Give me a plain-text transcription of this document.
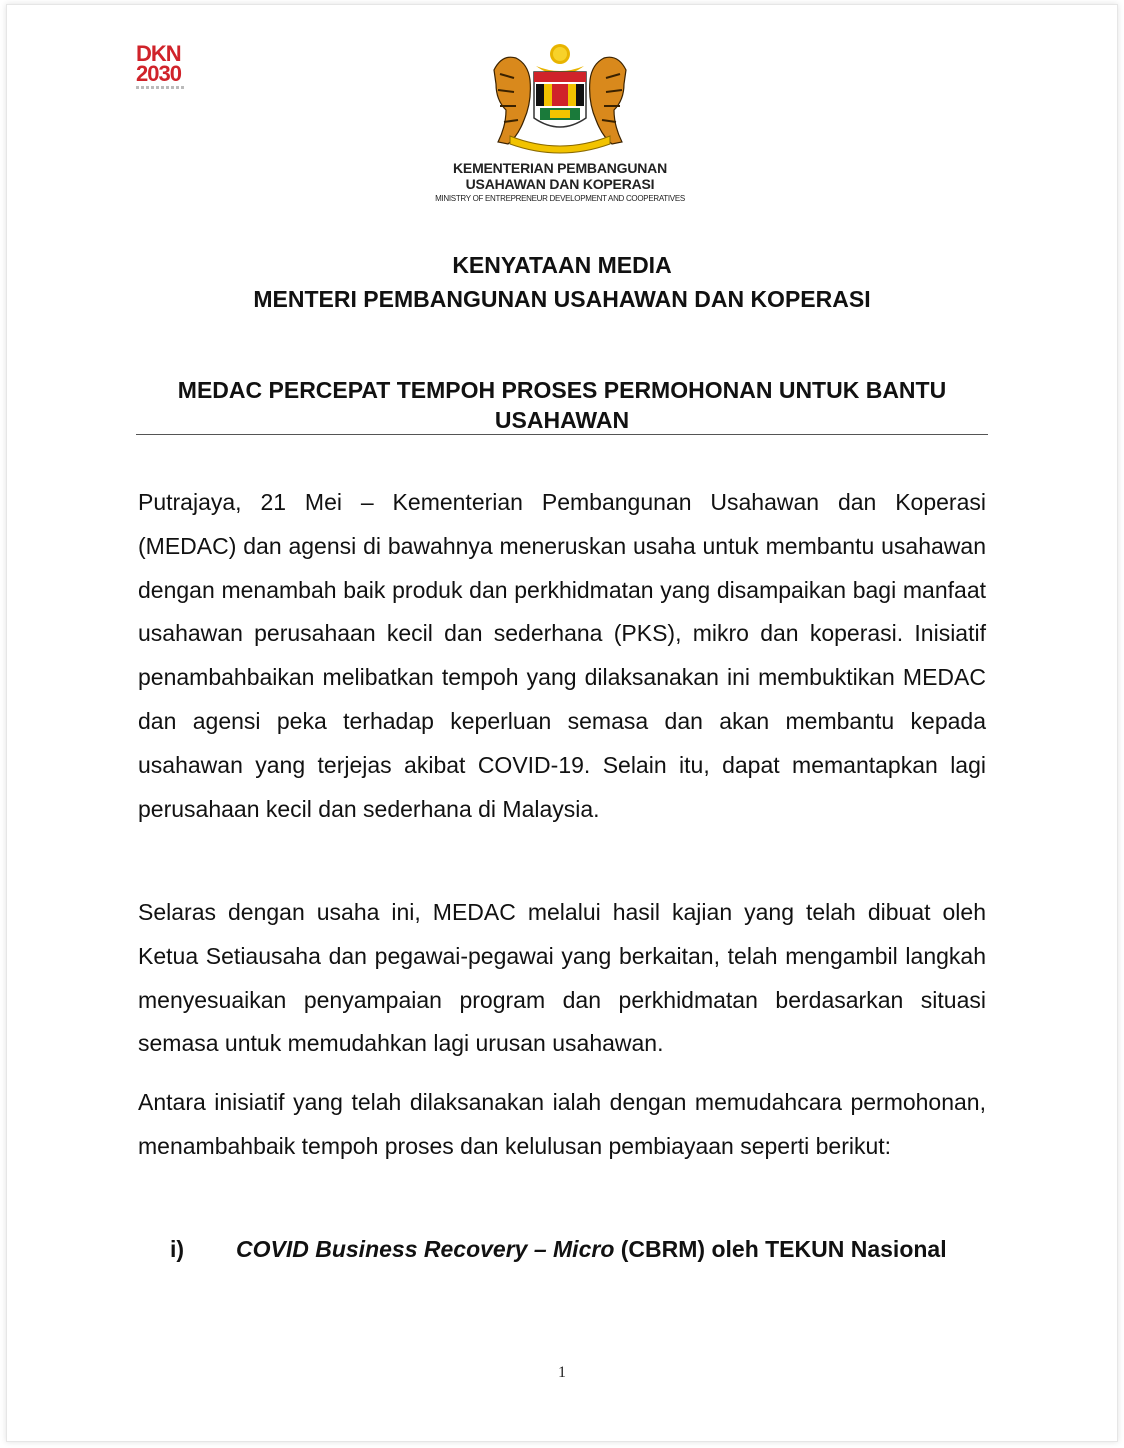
DKN
2030
KEMENTERIAN PEMBANGUNAN
USAHAWAN DAN KOPERASI
MINISTRY OF ENTREPRENEUR DEVELOPMENT AND COOPERATIVES
KENYATAAN MEDIA
MENTERI PEMBANGUNAN USAHAWAN DAN KOPERASI
MEDAC PERCEPAT TEMPOH PROSES PERMOHONAN UNTUK BANTU USAHAWAN

Putrajaya, 21 Mei – Kementerian Pembangunan Usahawan dan Koperasi (MEDAC) dan agensi di bawahnya meneruskan usaha untuk membantu usahawan dengan menambah baik produk dan perkhidmatan yang disampaikan bagi manfaat usahawan perusahaan kecil dan sederhana (PKS), mikro dan koperasi. Inisiatif penambahbaikan melibatkan tempoh yang dilaksanakan ini membuktikan MEDAC dan agensi peka terhadap keperluan semasa dan akan membantu kepada usahawan yang terjejas akibat COVID-19. Selain itu, dapat memantapkan lagi perusahaan kecil dan sederhana di Malaysia.

Selaras dengan usaha ini, MEDAC melalui hasil kajian yang telah dibuat oleh Ketua Setiausaha dan pegawai-pegawai yang berkaitan, telah mengambil langkah menyesuaikan penyampaian program dan perkhidmatan berdasarkan situasi semasa untuk memudahkan lagi urusan usahawan.

Antara inisiatif yang telah dilaksanakan ialah dengan memudahcara permohonan, menambahbaik tempoh proses dan kelulusan pembiayaan seperti berikut:

i) COVID Business Recovery – Micro (CBRM) oleh TEKUN Nasional
1
